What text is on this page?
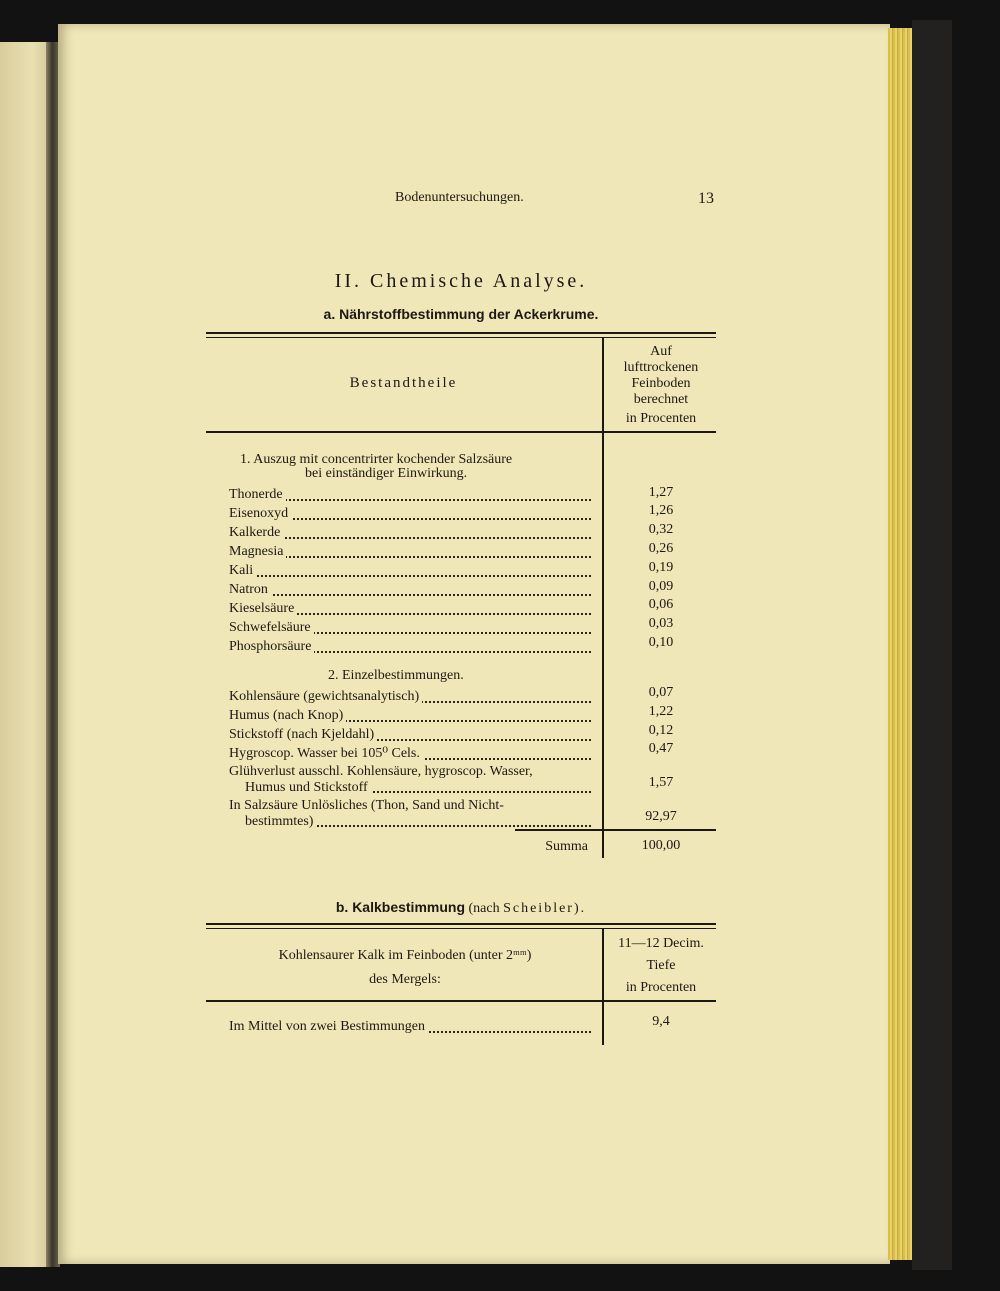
Bodenuntersuchungen.	13
II. Chemische Analyse.
a. Nährstoffbestimmung der Ackerkrume.
Bestandtheile
Auf
lufttrockenen
Feinboden
berechnet
in Procenten
1. Auszug mit concentrirter kochender Salzsäure
bei einständiger Einwirkung.
Thonerde	1,27
Eisenoxyd	1,26
Kalkerde	0,32
Magnesia	0,26
Kali	0,19
Natron	0,09
Kieselsäure	0,06
Schwefelsäure	0,03
Phosphorsäure	0,10
2. Einzelbestimmungen.
Kohlensäure (gewichtsanalytisch)	0,07
Humus (nach Knop)	1,22
Stickstoff (nach Kjeldahl)	0,12
Hygroscop. Wasser bei 105⁰ Cels.	0,47
Glühverlust ausschl. Kohlensäure, hygroscop. Wasser,
Humus und Stickstoff	1,57
In Salzsäure Unlösliches (Thon, Sand und Nicht-
bestimmtes)	92,97
Summa	100,00
b. Kalkbestimmung (nach Scheibler).
Kohlensaurer Kalk im Feinboden (unter 2ᵐᵐ)
des Mergels:
11—12 Decim.
Tiefe
in Procenten
Im Mittel von zwei Bestimmungen	9,4
